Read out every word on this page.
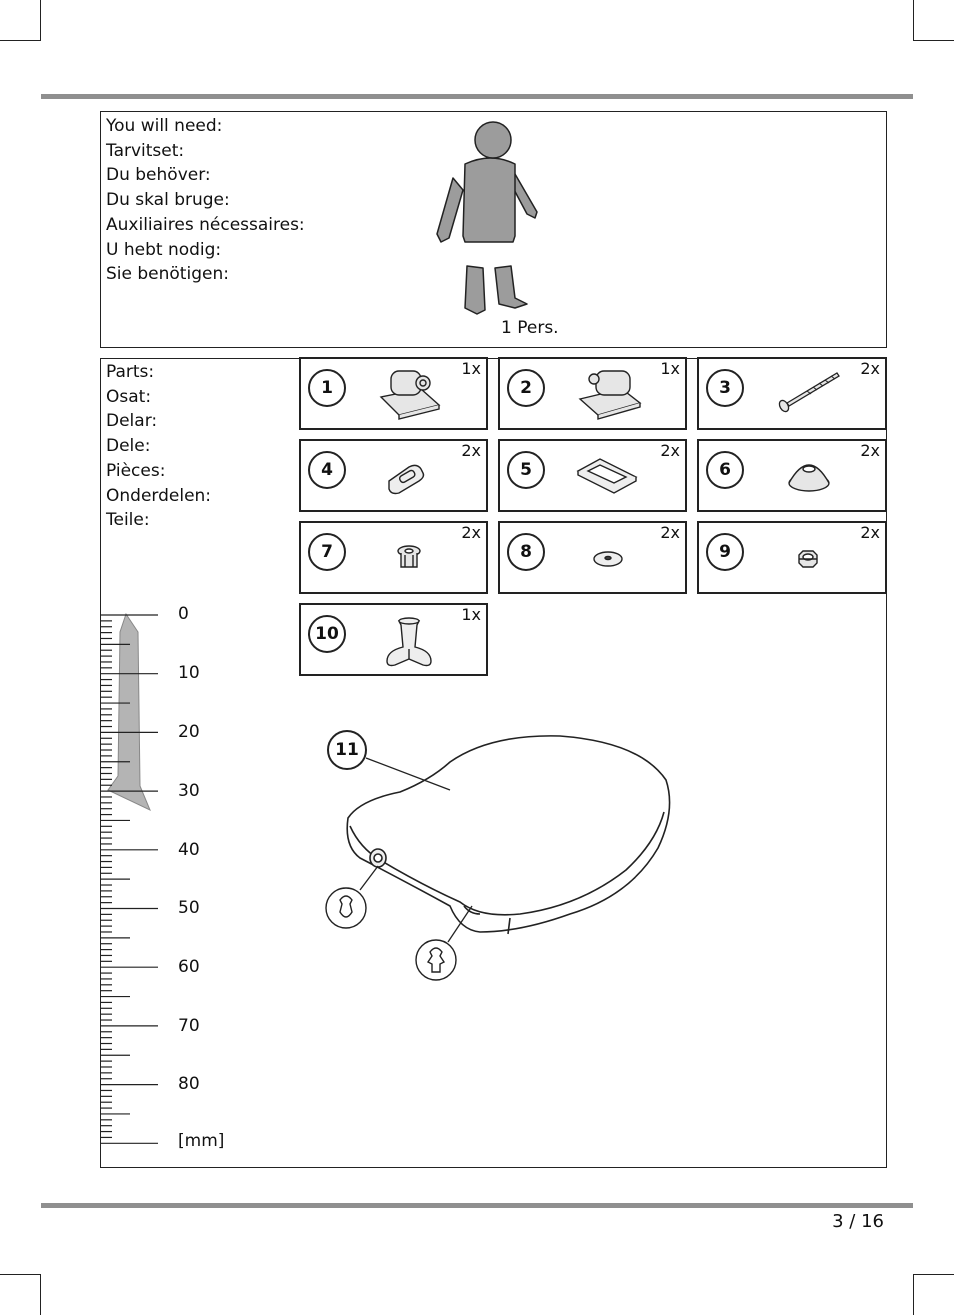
You will need:
Tarvitset:
Du behöver:
Du skal bruge:
Auxiliaires nécessaires:
U hebt nodig:
Sie benötigen:
1 Pers.
Parts:
Osat:
Delar:
Dele:
Pièces:
Onderdelen:
Teile:
1
1x
2
1x
3
2x
4
2x
5
2x
6
2x
7
2x
8
2x
9
2x
10
1x
0
10
20
30
40
50
60
70
80
[mm]
11
3 / 16
